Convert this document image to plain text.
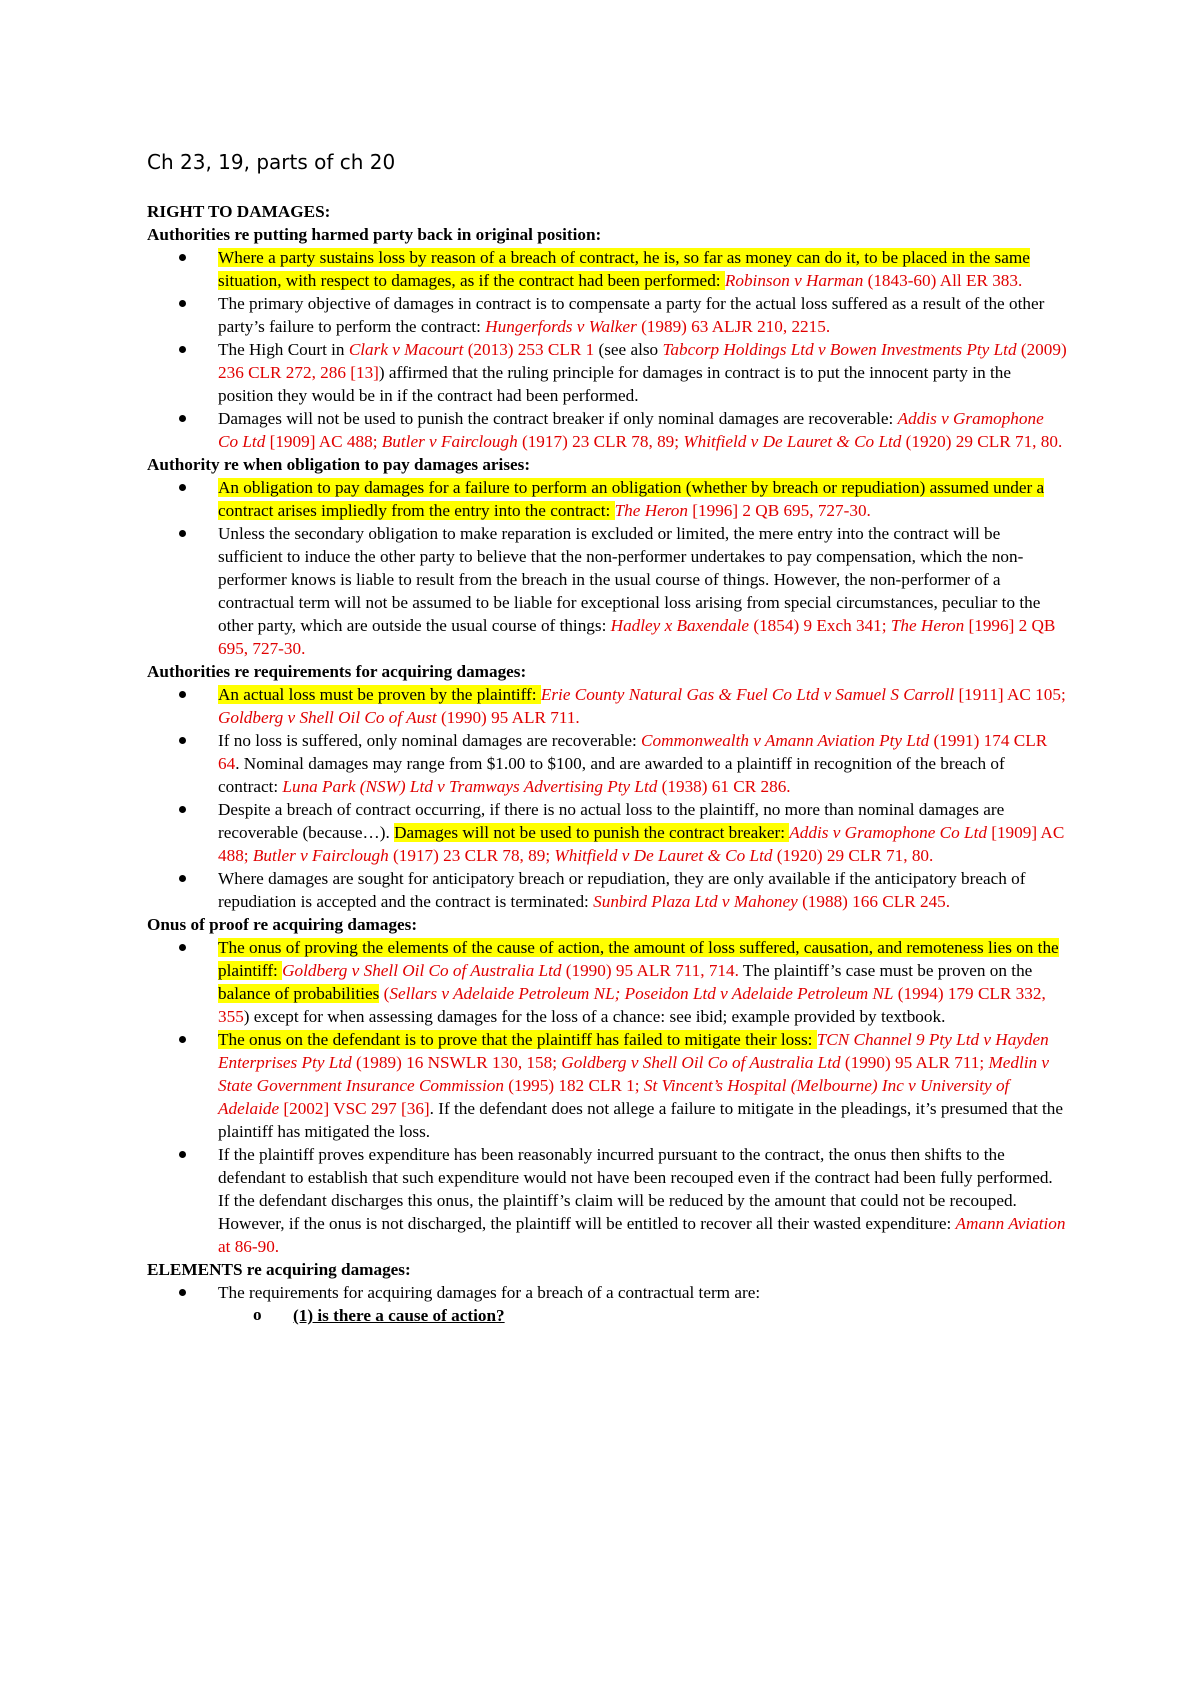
Ch 23, 19, parts of ch 20

RIGHT TO DAMAGES:

Authorities re putting harmed party back in original position:

Where a party sustains loss by reason of a breach of contract, he is, so far as money can do it, to be placed in the same situation, with respect to damages, as if the contract had been performed: Robinson v Harman (1843-60) All ER 383.
The primary objective of damages in contract is to compensate a party for the actual loss suffered as a result of the other party’s failure to perform the contract: Hungerfords v Walker (1989) 63 ALJR 210, 2215.
The High Court in Clark v Macourt (2013) 253 CLR 1 (see also Tabcorp Holdings Ltd v Bowen Investments Pty Ltd (2009) 236 CLR 272, 286 [13]) affirmed that the ruling principle for damages in contract is to put the innocent party in the position they would be in if the contract had been performed.
Damages will not be used to punish the contract breaker if only nominal damages are recoverable: Addis v Gramophone Co Ltd [1909] AC 488; Butler v Fairclough (1917) 23 CLR 78, 89; Whitfield v De Lauret & Co Ltd (1920) 29 CLR 71, 80.

Authority re when obligation to pay damages arises:

An obligation to pay damages for a failure to perform an obligation (whether by breach or repudiation) assumed under a contract arises impliedly from the entry into the contract: The Heron [1996] 2 QB 695, 727-30.
Unless the secondary obligation to make reparation is excluded or limited, the mere entry into the contract will be sufficient to induce the other party to believe that the non-performer undertakes to pay compensation, which the non-performer knows is liable to result from the breach in the usual course of things. However, the non-performer of a contractual term will not be assumed to be liable for exceptional loss arising from special circumstances, peculiar to the other party, which are outside the usual course of things: Hadley x Baxendale (1854) 9 Exch 341; The Heron [1996] 2 QB 695, 727-30.

Authorities re requirements for acquiring damages:

An actual loss must be proven by the plaintiff: Erie County Natural Gas & Fuel Co Ltd v Samuel S Carroll [1911] AC 105; Goldberg v Shell Oil Co of Aust (1990) 95 ALR 711.
If no loss is suffered, only nominal damages are recoverable: Commonwealth v Amann Aviation Pty Ltd (1991) 174 CLR 64. Nominal damages may range from $1.00 to $100, and are awarded to a plaintiff in recognition of the breach of contract: Luna Park (NSW) Ltd v Tramways Advertising Pty Ltd (1938) 61 CR 286.
Despite a breach of contract occurring, if there is no actual loss to the plaintiff, no more than nominal damages are recoverable (because…). Damages will not be used to punish the contract breaker: Addis v Gramophone Co Ltd [1909] AC 488; Butler v Fairclough (1917) 23 CLR 78, 89; Whitfield v De Lauret & Co Ltd (1920) 29 CLR 71, 80.
Where damages are sought for anticipatory breach or repudiation, they are only available if the anticipatory breach of repudiation is accepted and the contract is terminated: Sunbird Plaza Ltd v Mahoney (1988) 166 CLR 245.

Onus of proof re acquiring damages:

The onus of proving the elements of the cause of action, the amount of loss suffered, causation, and remoteness lies on the plaintiff: Goldberg v Shell Oil Co of Australia Ltd (1990) 95 ALR 711, 714. The plaintiff’s case must be proven on the balance of probabilities (Sellars v Adelaide Petroleum NL; Poseidon Ltd v Adelaide Petroleum NL (1994) 179 CLR 332, 355) except for when assessing damages for the loss of a chance: see ibid; example provided by textbook.
The onus on the defendant is to prove that the plaintiff has failed to mitigate their loss: TCN Channel 9 Pty Ltd v Hayden Enterprises Pty Ltd (1989) 16 NSWLR 130, 158; Goldberg v Shell Oil Co of Australia Ltd (1990) 95 ALR 711; Medlin v State Government Insurance Commission (1995) 182 CLR 1; St Vincent’s Hospital (Melbourne) Inc v University of Adelaide [2002] VSC 297 [36]. If the defendant does not allege a failure to mitigate in the pleadings, it’s presumed that the plaintiff has mitigated the loss.
If the plaintiff proves expenditure has been reasonably incurred pursuant to the contract, the onus then shifts to the defendant to establish that such expenditure would not have been recouped even if the contract had been fully performed. If the defendant discharges this onus, the plaintiff’s claim will be reduced by the amount that could not be recouped. However, if the onus is not discharged, the plaintiff will be entitled to recover all their wasted expenditure: Amann Aviation at 86-90.

ELEMENTS re acquiring damages:

The requirements for acquiring damages for a breach of a contractual term are:
o (1) is there a cause of action?
